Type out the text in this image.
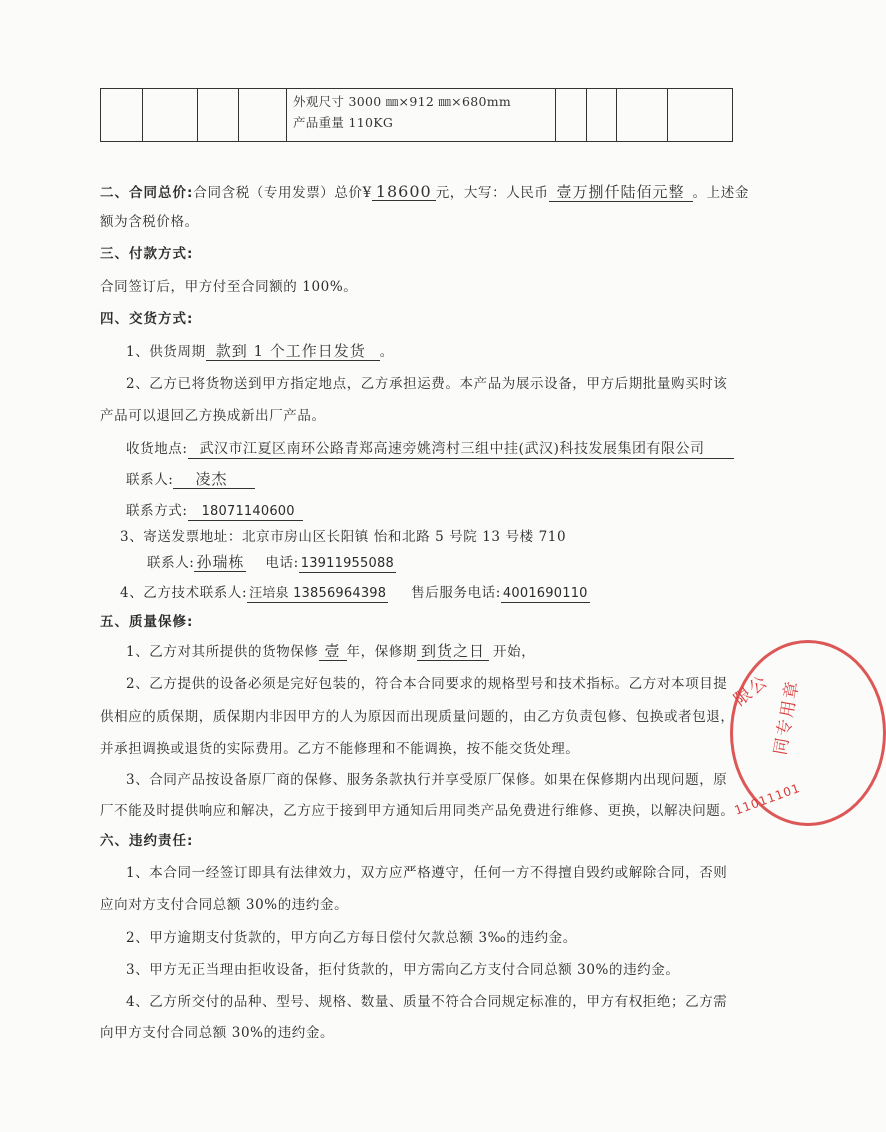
外观尺寸 3000 ㎜×912 ㎜×680mm
产品重量 110KG

二、合同总价:合同含税（专用发票）总价¥ 18600 元，大写：人民币 壹万捌仟陆佰元整 。上述金
额为含税价格。
三、付款方式:
合同签订后，甲方付至合同额的 100%。
四、交货方式:
1、供货周期 款到 1 个工作日发货 。
2、乙方已将货物送到甲方指定地点，乙方承担运费。本产品为展示设备，甲方后期批量购买时该
产品可以退回乙方换成新出厂产品。
收货地点: 武汉市江夏区南环公路青郑高速旁姚湾村三组中挂(武汉)科技发展集团有限公司
联系人: 凌杰
联系方式: 18071140600
3、寄送发票地址：北京市房山区长阳镇 怡和北路 5 号院 13 号楼 710
联系人: 孙瑞栋 电话: 13911955088
4、乙方技术联系人: 汪培泉 13856964398 售后服务电话: 4001690110
五、质量保修:
1、乙方对其所提供的货物保修 壹 年，保修期 到货之日 开始，
2、乙方提供的设备必须是完好包装的，符合本合同要求的规格型号和技术指标。乙方对本项目提
供相应的质保期，质保期内非因甲方的人为原因而出现质量问题的，由乙方负责包修、包换或者包退，
并承担调换或退货的实际费用。乙方不能修理和不能调换，按不能交货处理。
3、合同产品按设备原厂商的保修、服务条款执行并享受原厂保修。如果在保修期内出现问题，原
厂不能及时提供响应和解决，乙方应于接到甲方通知后用同类产品免费进行维修、更换，以解决问题。
六、违约责任:
1、本合同一经签订即具有法律效力，双方应严格遵守，任何一方不得擅自毁约或解除合同，否则
应向对方支付合同总额 30%的违约金。
2、甲方逾期支付货款的，甲方向乙方每日偿付欠款总额 3‰的违约金。
3、甲方无正当理由拒收设备，拒付货款的，甲方需向乙方支付合同总额 30%的违约金。
4、乙方所交付的品种、型号、规格、数量、质量不符合合同规定标准的，甲方有权拒绝；乙方需
向甲方支付合同总额 30%的违约金。
限公
同专用章
11011101
